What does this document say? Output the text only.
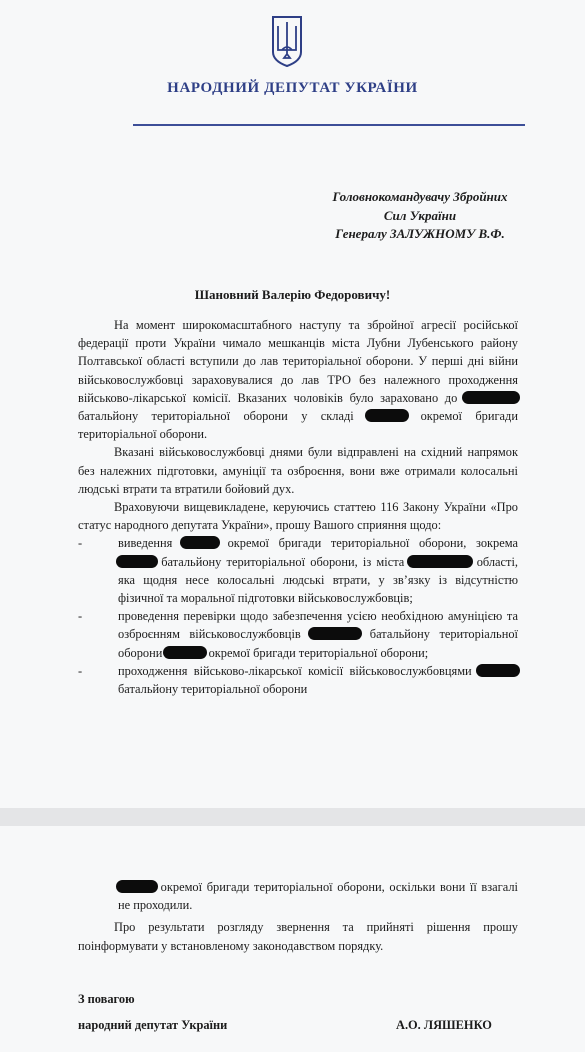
НАРОДНИЙ ДЕПУТАТ УКРАЇНИ
Головнокомандувачу Збройних
Сил України
Генералу ЗАЛУЖНОМУ В.Ф.
Шановний Валерію Федоровичу!

На момент широкомасштабного наступу та збройної агресії російської федерації проти України чимало мешканців міста Лубни Лубенського району Полтавської області вступили до лав територіальної оборони. У перші дні війни військовослужбовці зараховувалися до лав ТРО без належного проходження військово-лікарської комісії. Вказаних чоловіків було зараховано до  батальйону територіальної оборони у складі	окремої бригади територіальної оборони.

Вказані військовослужбовці днями були відправлені на східний напрямок без належних підготовки, амуніції та озброєння, вони вже отримали колосальні людські втрати та втратили бойовий дух.

Враховуючи вищевикладене, керуючись статтею 116 Закону України «Про статус народного депутата України», прошу Вашого сприяння щодо:

-	виведення	окремої бригади територіальної оборони, зокрема  батальйону територіальної оборони, із міста	області, яка щодня несе колосальні людські втрати, у зв’язку із відсутністю фізичної та моральної підготовки військовослужбовців;
-	проведення перевірки щодо забезпечення усією необхідною амуніцією та озброєнням військовослужбовців	батальйону територіальної оборони	окремої бригади територіальної оборони;
-	проходження військово-лікарської комісії військовослужбовцями  батальйону територіальної оборони
окремої бригади територіальної оборони, оскільки вони її взагалі не проходили.

Про результати розгляду звернення та прийняті рішення прошу поінформувати у встановленому законодавством порядку.

З повагою
народний депутат України	А.О. ЛЯШЕНКО
